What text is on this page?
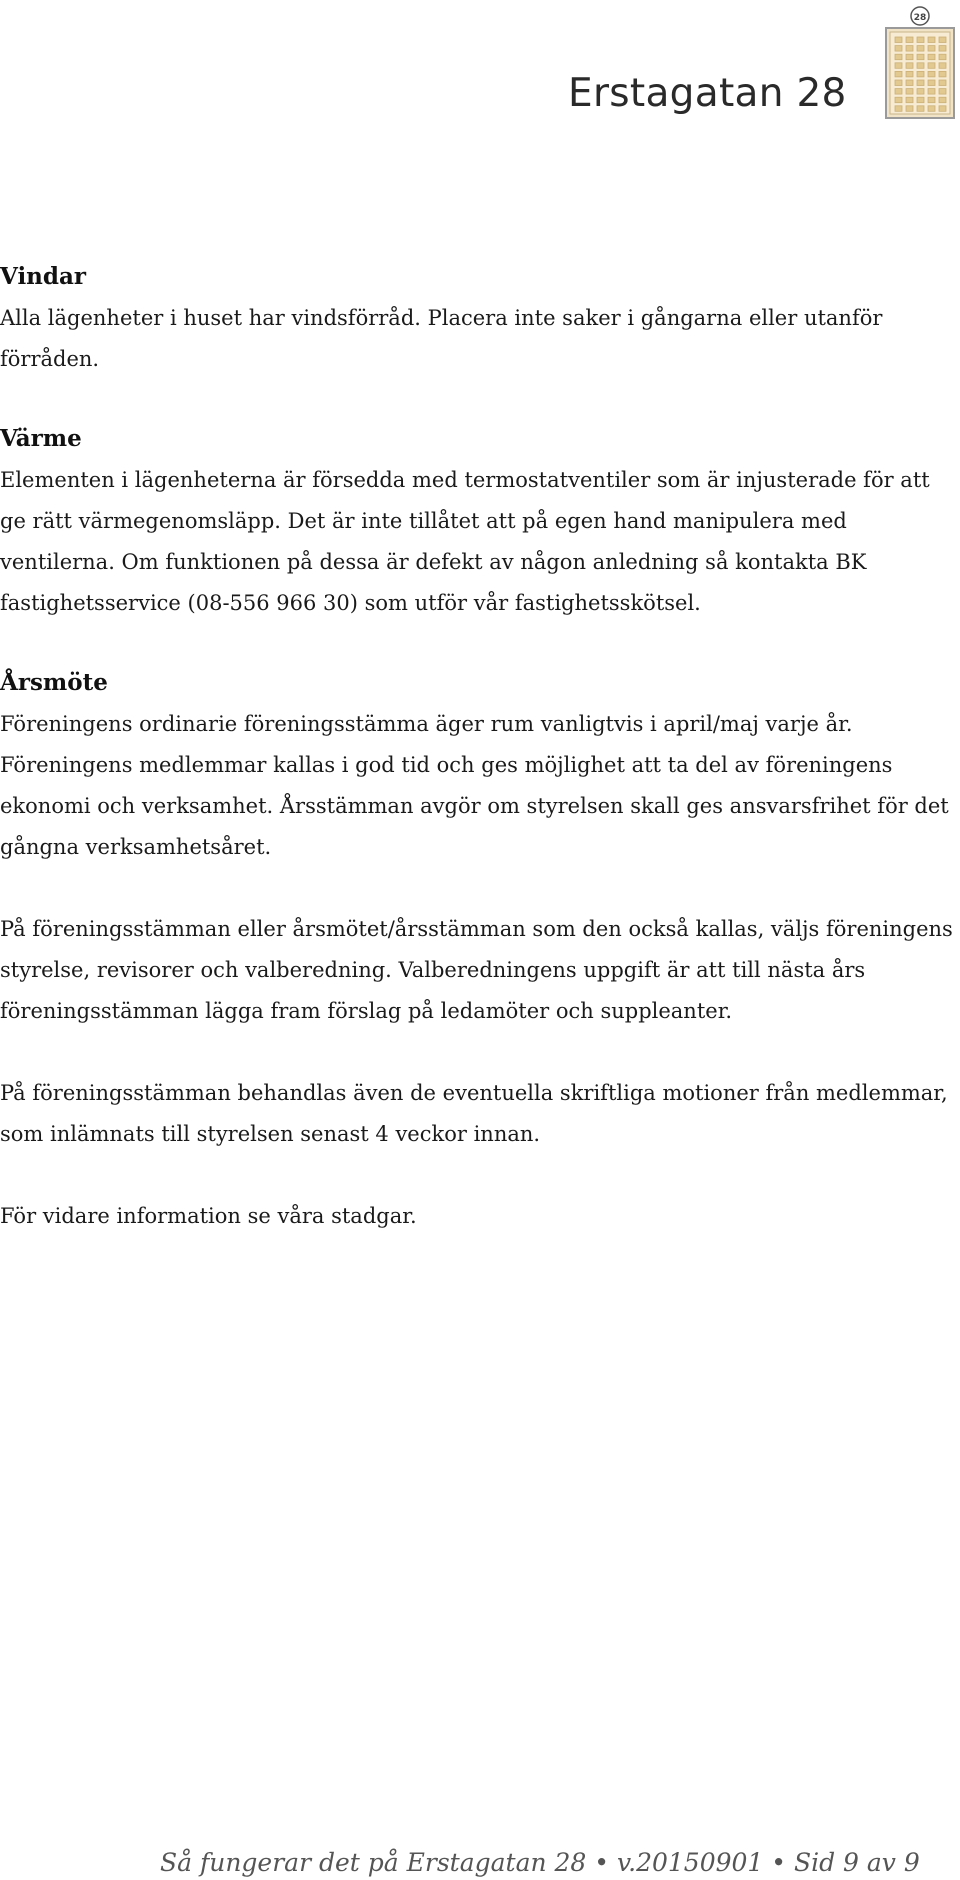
Erstagatan 28
28
Vindar

Alla lägenheter i huset har vindsförråd. Placera inte saker i gångarna eller utanför förråden.

Värme

Elementen i lägenheterna är försedda med termostatventiler som är injusterade för att ge rätt värmegenomsläpp. Det är inte tillåtet att på egen hand manipulera med ventilerna. Om funktionen på dessa är defekt av någon anledning så kontakta BK fastighetsservice (08-556 966 30) som utför vår fastighetsskötsel.

Årsmöte

Föreningens ordinarie föreningsstämma äger rum vanligtvis i april/maj varje år. Föreningens medlemmar kallas i god tid och ges möjlighet att ta del av föreningens ekonomi och verksamhet. Årsstämman avgör om styrelsen skall ges ansvarsfrihet för det gångna verksamhetsåret.

På föreningsstämman eller årsmötet/årsstämman som den också kallas, väljs föreningens styrelse, revisorer och valberedning. Valberedningens uppgift är att till nästa års föreningsstämman lägga fram förslag på ledamöter och suppleanter.

På föreningsstämman behandlas även de eventuella skriftliga motioner från medlemmar, som inlämnats till styrelsen senast 4 veckor innan.

För vidare information se våra stadgar.

Så fungerar det på Erstagatan 28 • v.20150901 • Sid 9 av 9
